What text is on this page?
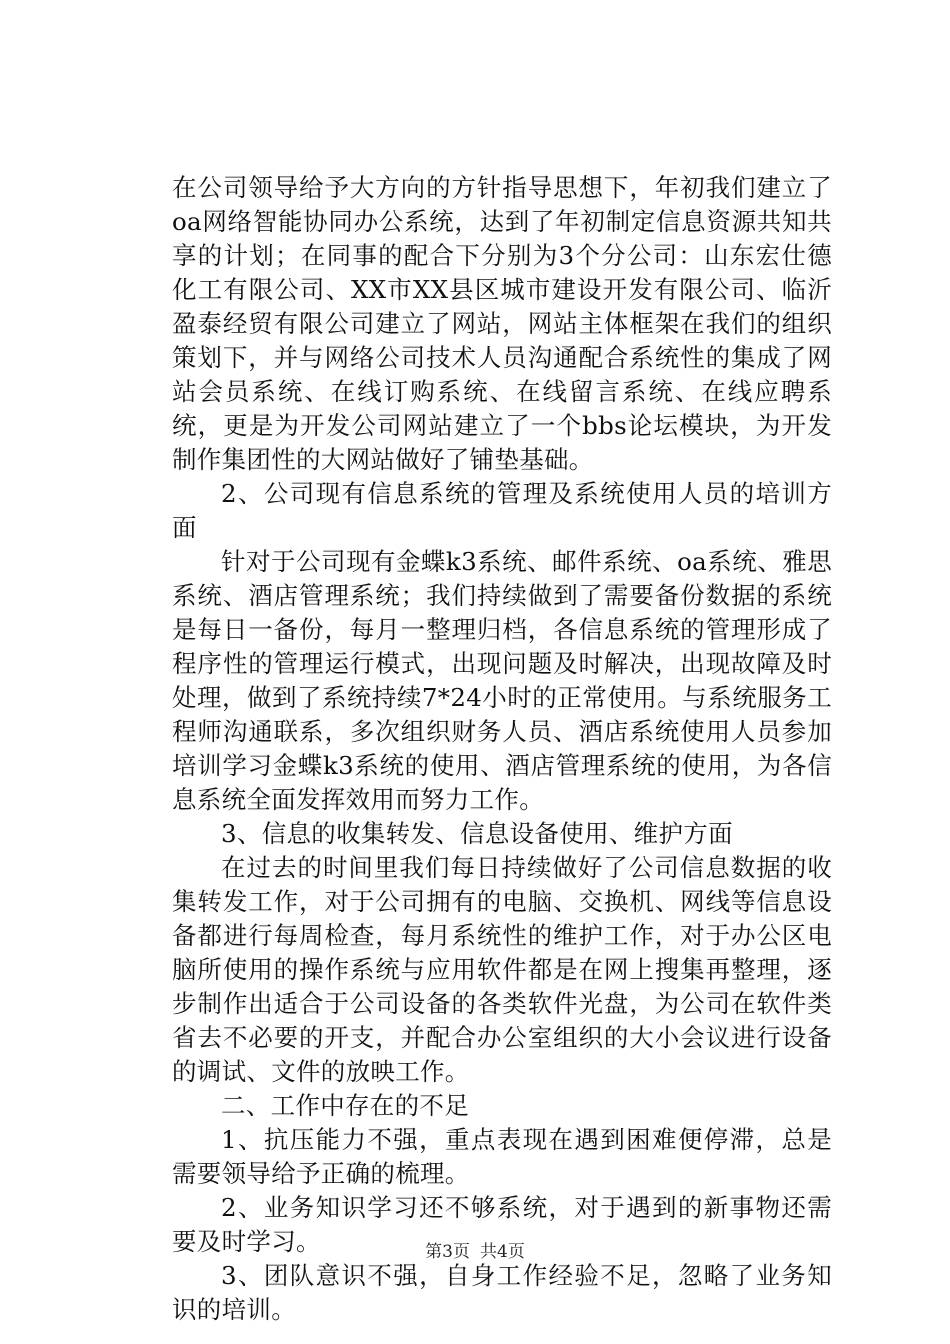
在公司领导给予大方向的方针指导思想下，年初我们建立了oa网络智能协同办公系统，达到了年初制定信息资源共知共享的计划；在同事的配合下分别为3个分公司：山东宏仕德化工有限公司、XX市XX县区城市建设开发有限公司、临沂盈泰经贸有限公司建立了网站，网站主体框架在我们的组织策划下，并与网络公司技术人员沟通配合系统性的集成了网站会员系统、在线订购系统、在线留言系统、在线应聘系统，更是为开发公司网站建立了一个bbs论坛模块，为开发制作集团性的大网站做好了铺垫基础。

2、公司现有信息系统的管理及系统使用人员的培训方面

针对于公司现有金蝶k3系统、邮件系统、oa系统、雅思系统、酒店管理系统；我们持续做到了需要备份数据的系统是每日一备份，每月一整理归档，各信息系统的管理形成了程序性的管理运行模式，出现问题及时解决，出现故障及时处理，做到了系统持续7*24小时的正常使用。与系统服务工程师沟通联系，多次组织财务人员、酒店系统使用人员参加培训学习金蝶k3系统的使用、酒店管理系统的使用，为各信息系统全面发挥效用而努力工作。

3、信息的收集转发、信息设备使用、维护方面

在过去的时间里我们每日持续做好了公司信息数据的收集转发工作，对于公司拥有的电脑、交换机、网线等信息设备都进行每周检查，每月系统性的维护工作，对于办公区电脑所使用的操作系统与应用软件都是在网上搜集再整理，逐步制作出适合于公司设备的各类软件光盘，为公司在软件类省去不必要的开支，并配合办公室组织的大小会议进行设备的调试、文件的放映工作。

二、工作中存在的不足

1、抗压能力不强，重点表现在遇到困难便停滞，总是需要领导给予正确的梳理。

2、业务知识学习还不够系统，对于遇到的新事物还需要及时学习。

3、团队意识不强，自身工作经验不足，忽略了业务知识的培训。

第3页 共4页
